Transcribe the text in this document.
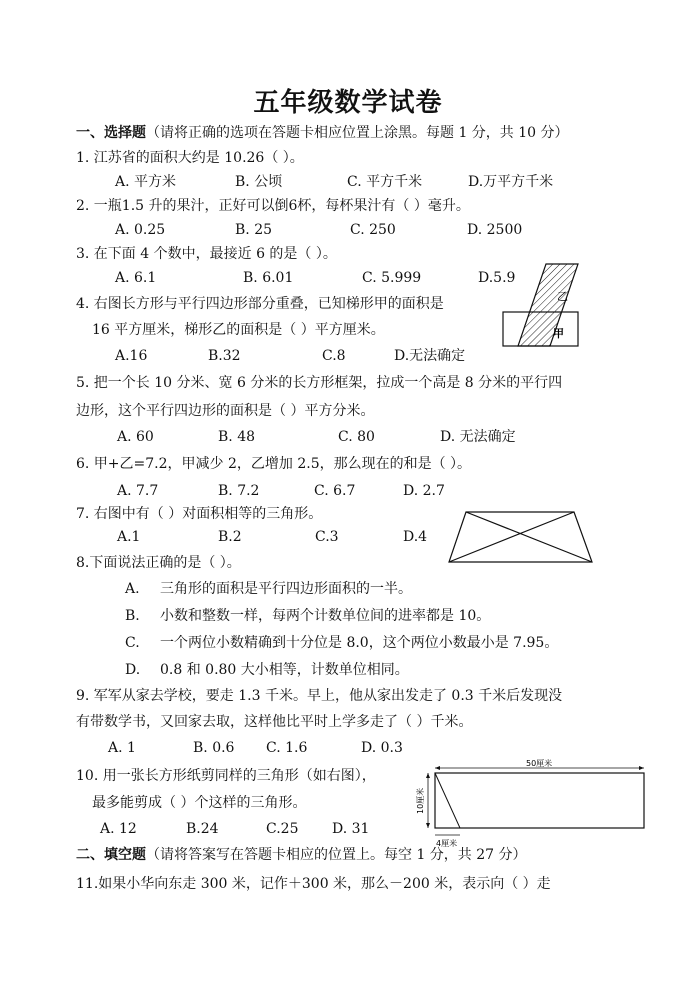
五年级数学试卷
一、选择题（请将正确的选项在答题卡相应位置上涂黑。每题 1 分，共 10 分）
1. 江苏省的面积大约是 10.26（ ）。
A. 平方米	B. 公顷	C. 平方千米	D.万平方千米
2. 一瓶1.5 升的果汁，正好可以倒6杯，每杯果汁有（ ）毫升。
A. 0.25	B. 25	C. 250	D. 2500
3. 在下面 4 个数中，最接近 6 的是（ ）。
A. 6.1	B. 6.01	C. 5.999	D.5.9
乙
甲
4. 右图长方形与平行四边形部分重叠，已知梯形甲的面积是
16 平方厘米，梯形乙的面积是（ ）平方厘米。
A.16	B.32	C.8	D.无法确定
5. 把一个长 10 分米、宽 6 分米的长方形框架，拉成一个高是 8 分米的平行四
边形，这个平行四边形的面积是（ ）平方分米。
A. 60	B. 48	C. 80	D. 无法确定
6. 甲+乙=7.2，甲减少 2，乙增加 2.5，那么现在的和是（ ）。
A. 7.7	B. 7.2	C. 6.7	D. 2.7
7. 右图中有（ ）对面积相等的三角形。
A.1	B.2	C.3	D.4
8.下面说法正确的是（ ）。
A. 三角形的面积是平行四边形面积的一半。
B. 小数和整数一样，每两个计数单位间的进率都是 10。
C. 一个两位小数精确到十分位是 8.0，这个两位小数最小是 7.95。
D. 0.8 和 0.80 大小相等，计数单位相同。
9. 军军从家去学校，要走 1.3 千米。早上，他从家出发走了 0.3 千米后发现没
有带数学书，又回家去取，这样他比平时上学多走了（ ）千米。
A. 1	B. 0.6 C. 1.6	D. 0.3
50厘米
10厘米
4厘米
10. 用一张长方形纸剪同样的三角形（如右图），
最多能剪成（ ）个这样的三角形。
A. 12	B.24	C.25 D. 31
二、填空题（请将答案写在答题卡相应的位置上。每空 1 分，共 27 分）
11.如果小华向东走 300 米，记作＋300 米，那么－200 米，表示向（ ）走
